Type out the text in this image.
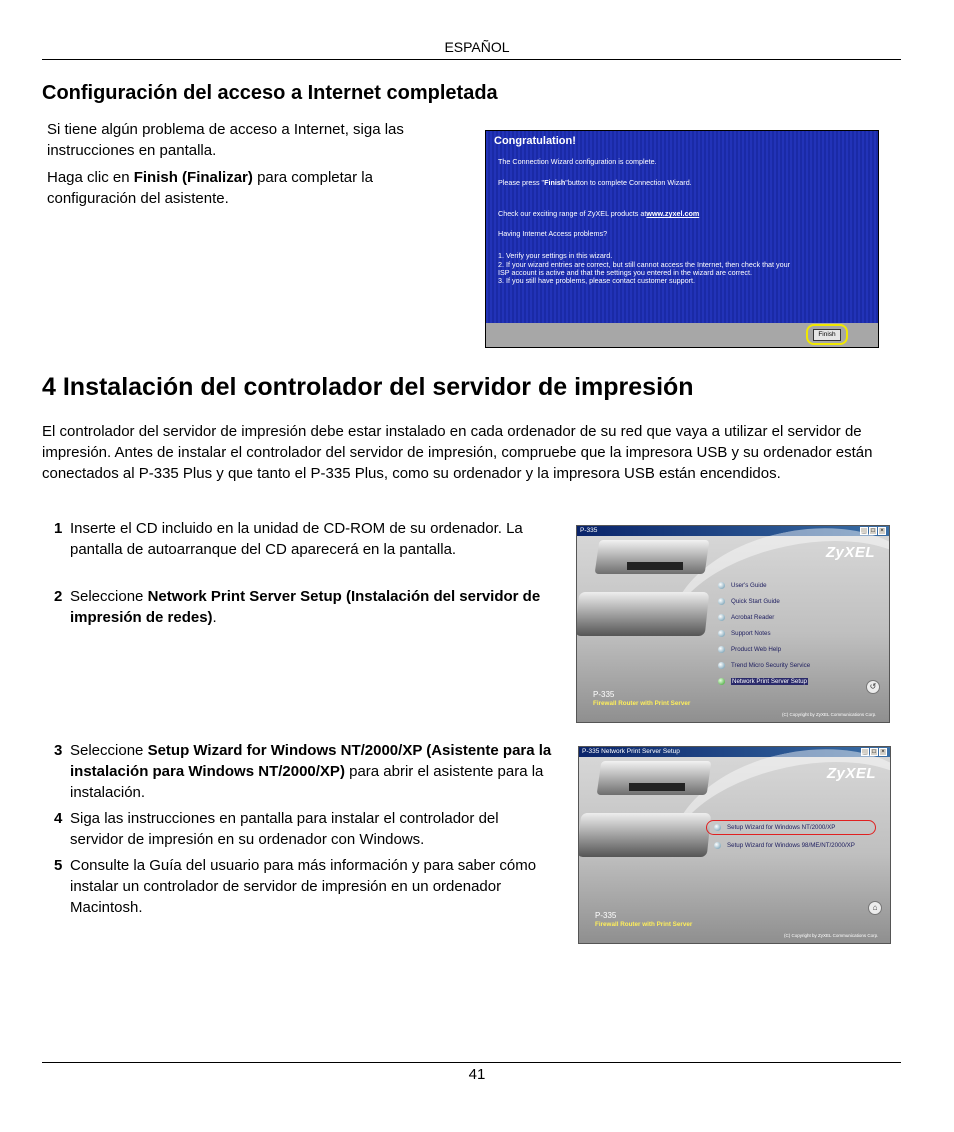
ESPAÑOL
Configuración del acceso a Internet completada
Si tiene algún problema de acceso a Internet, siga las instrucciones en pantalla.
Haga clic en Finish (Finalizar) para completar la configuración del asistente.
Congratulation!
The Connection Wizard configuration is complete.
Please press "Finish"button to complete Connection Wizard.
Check our exciting range of ZyXEL products atwww.zyxel.com
Having Internet Access problems?
1. Verify your settings in this wizard.
2. If your wizard entries are correct, but still cannot access the Internet, then check that your
ISP account is active and that the settings you entered in the wizard are correct.
3. If you still have problems, please contact customer support.
Finish
4 Instalación del controlador del servidor de impresión
El controlador del servidor de impresión debe estar instalado en cada ordenador de su red que vaya a utilizar el servidor de impresión. Antes de instalar el controlador del servidor de impresión, compruebe que la impresora USB y su ordenador están conectados al P-335 Plus y que tanto el P-335 Plus, como su ordenador y la impresora USB están encendidos.
1 Inserte el CD incluido en la unidad de CD-ROM de su ordenador. La pantalla de autoarranque del CD aparecerá en la pantalla.
2 Seleccione Network Print Server Setup (Instalación del servidor de impresión de redes).
P-335	_ □ ×
ZyXEL
User's Guide
Quick Start Guide
Acrobat Reader
Support Notes
Product Web Help
Trend Micro Security Service
Network Print Server Setup
P-335
Firewall Router with Print Server
(C) Copyright by ZyXEL Communications Corp.
↺
3 Seleccione Setup Wizard for Windows NT/2000/XP (Asistente para la instalación para Windows NT/2000/XP) para abrir el asistente para la instalación.
4 Siga las instrucciones en pantalla para instalar el controlador del servidor de impresión en su ordenador con Windows.
5 Consulte la Guía del usuario para más información y para saber cómo instalar un controlador de servidor de impresión en un ordenador Macintosh.
P-335 Network Print Server Setup	_ □ ×
ZyXEL
Setup Wizard for Windows NT/2000/XP
Setup Wizard for Windows 98/ME/NT/2000/XP
P-335
Firewall Router with Print Server
(C) Copyright by ZyXEL Communications Corp.
⌂
41
